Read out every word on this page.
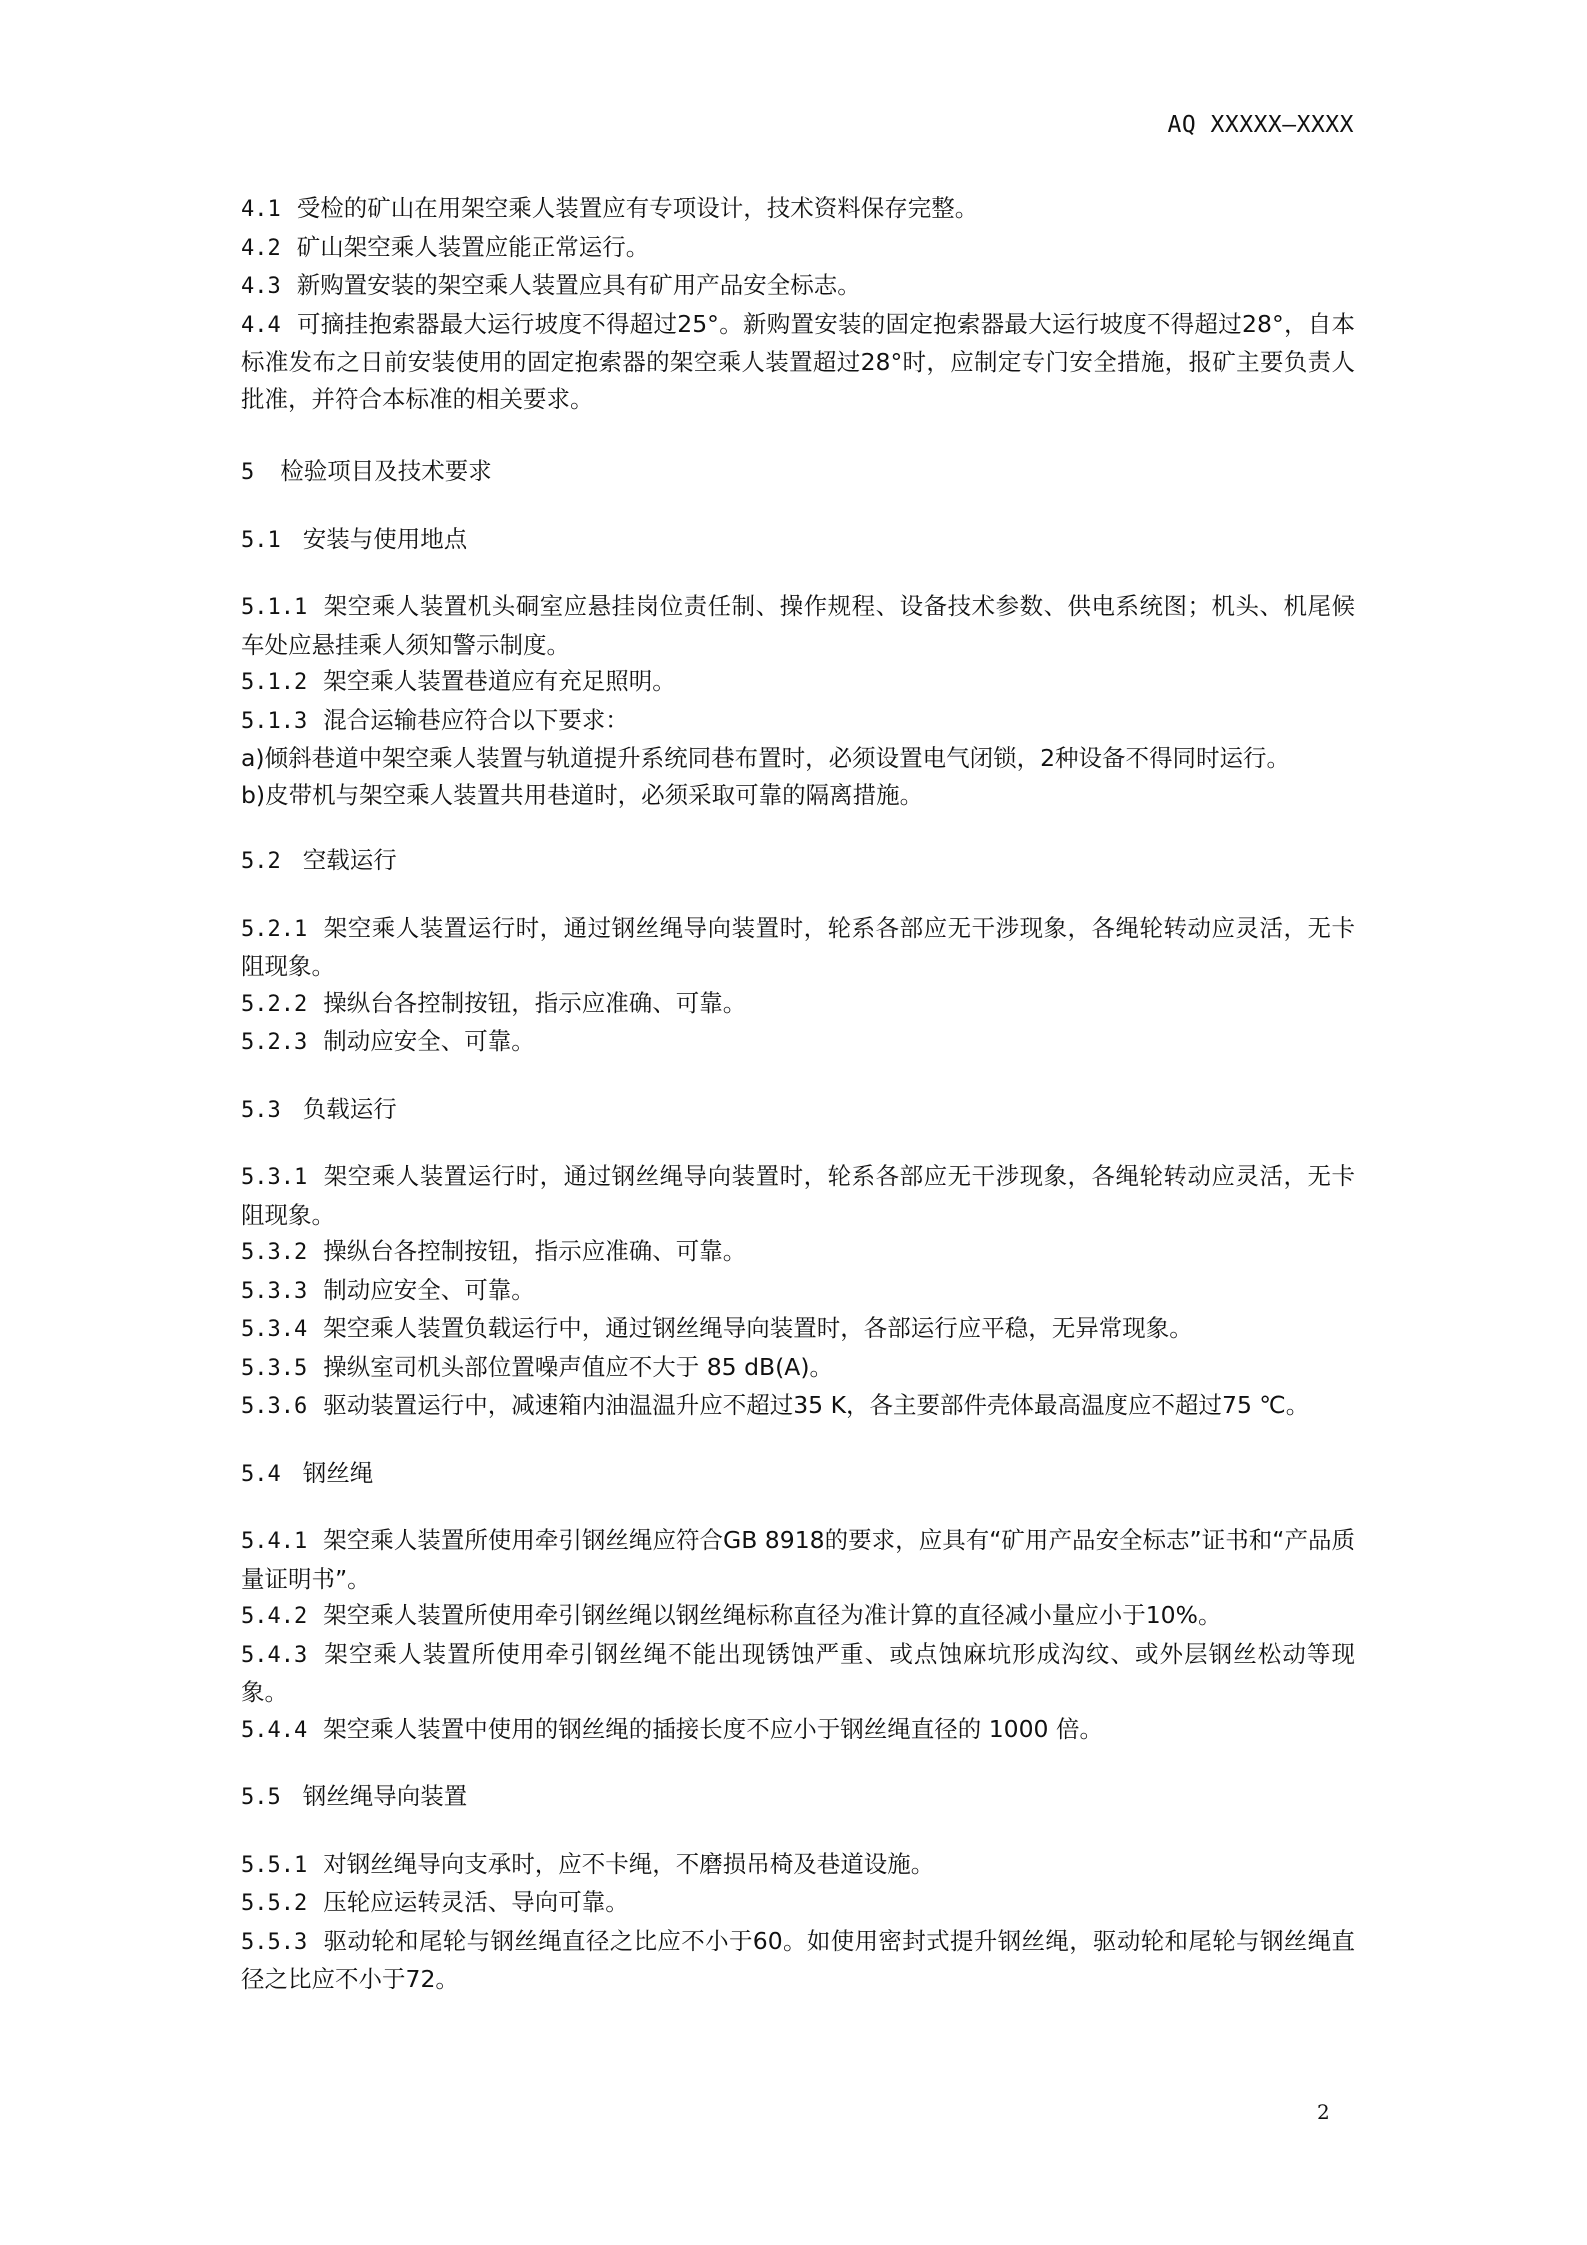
AQ XXXXX—XXXX

4.1 受检的矿山在用架空乘人装置应有专项设计，技术资料保存完整。

4.2 矿山架空乘人装置应能正常运行。

4.3 新购置安装的架空乘人装置应具有矿用产品安全标志。

4.4 可摘挂抱索器最大运行坡度不得超过25°。新购置安装的固定抱索器最大运行坡度不得超过28°，自本标准发布之日前安装使用的固定抱索器的架空乘人装置超过28°时，应制定专门安全措施，报矿主要负责人批准，并符合本标准的相关要求。

5 检验项目及技术要求

5.1 安装与使用地点

5.1.1 架空乘人装置机头硐室应悬挂岗位责任制、操作规程、设备技术参数、供电系统图；机头、机尾候车处应悬挂乘人须知警示制度。

5.1.2 架空乘人装置巷道应有充足照明。

5.1.3 混合运输巷应符合以下要求：

a)倾斜巷道中架空乘人装置与轨道提升系统同巷布置时，必须设置电气闭锁，2种设备不得同时运行。

b)皮带机与架空乘人装置共用巷道时，必须采取可靠的隔离措施。

5.2 空载运行

5.2.1 架空乘人装置运行时，通过钢丝绳导向装置时，轮系各部应无干涉现象，各绳轮转动应灵活，无卡阻现象。

5.2.2 操纵台各控制按钮，指示应准确、可靠。

5.2.3 制动应安全、可靠。

5.3 负载运行

5.3.1 架空乘人装置运行时，通过钢丝绳导向装置时，轮系各部应无干涉现象，各绳轮转动应灵活，无卡阻现象。

5.3.2 操纵台各控制按钮，指示应准确、可靠。

5.3.3 制动应安全、可靠。

5.3.4 架空乘人装置负载运行中，通过钢丝绳导向装置时，各部运行应平稳，无异常现象。

5.3.5 操纵室司机头部位置噪声值应不大于 85 dB(A)。

5.3.6 驱动装置运行中，减速箱内油温温升应不超过35 K，各主要部件壳体最高温度应不超过75 ℃。

5.4 钢丝绳

5.4.1 架空乘人装置所使用牵引钢丝绳应符合GB 8918的要求，应具有“矿用产品安全标志”证书和“产品质量证明书”。

5.4.2 架空乘人装置所使用牵引钢丝绳以钢丝绳标称直径为准计算的直径减小量应小于10%。

5.4.3 架空乘人装置所使用牵引钢丝绳不能出现锈蚀严重、或点蚀麻坑形成沟纹、或外层钢丝松动等现象。

5.4.4 架空乘人装置中使用的钢丝绳的插接长度不应小于钢丝绳直径的 1000 倍。

5.5 钢丝绳导向装置

5.5.1 对钢丝绳导向支承时，应不卡绳，不磨损吊椅及巷道设施。

5.5.2 压轮应运转灵活、导向可靠。

5.5.3 驱动轮和尾轮与钢丝绳直径之比应不小于60。如使用密封式提升钢丝绳，驱动轮和尾轮与钢丝绳直径之比应不小于72。

2
